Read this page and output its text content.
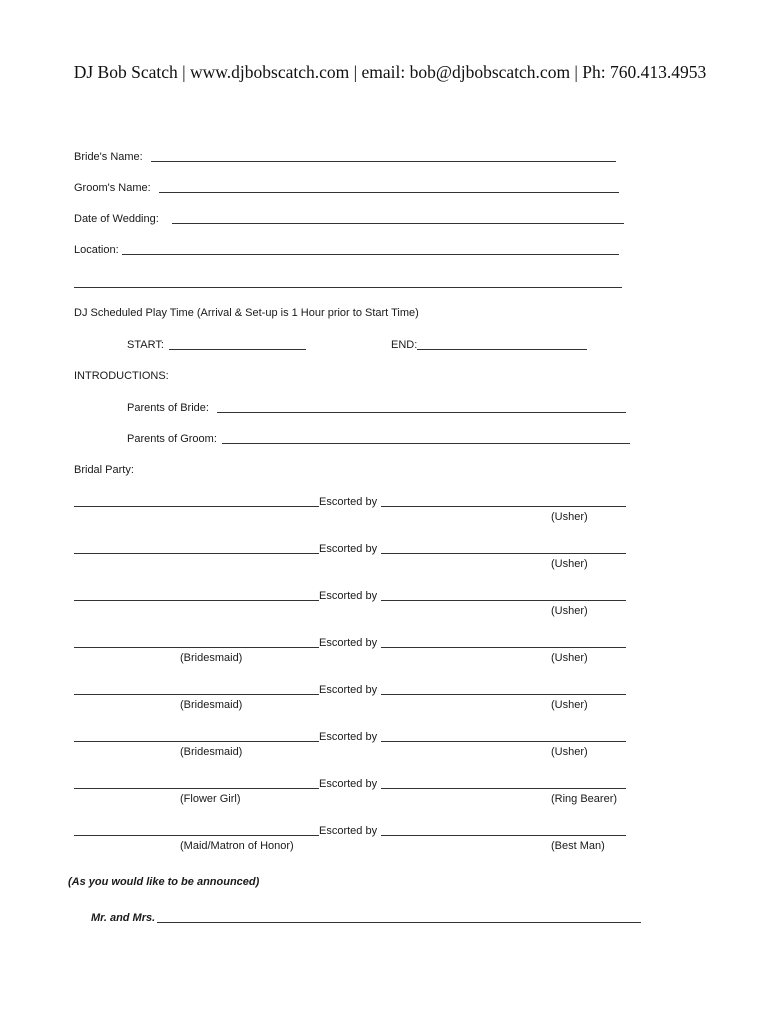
DJ Bob Scatch | www.djbobscatch.com | email: bob@djbobscatch.com | Ph: 760.413.4953
Bride's Name:
Groom's Name:
Date of Wedding:
Location:
DJ Scheduled Play Time (Arrival & Set-up is 1 Hour prior to Start Time)
START:	END:
INTRODUCTIONS:
Parents of Bride:
Parents of Groom:
Bridal Party:
Escorted by
(Usher)
Escorted by
(Usher)
Escorted by
(Usher)
Escorted by
(Bridesmaid)	(Usher)
Escorted by
(Bridesmaid)	(Usher)
Escorted by
(Bridesmaid)	(Usher)
Escorted by
(Flower Girl)	(Ring Bearer)
Escorted by
(Maid/Matron of Honor)	(Best Man)
(As you would like to be announced)
Mr. and Mrs.
